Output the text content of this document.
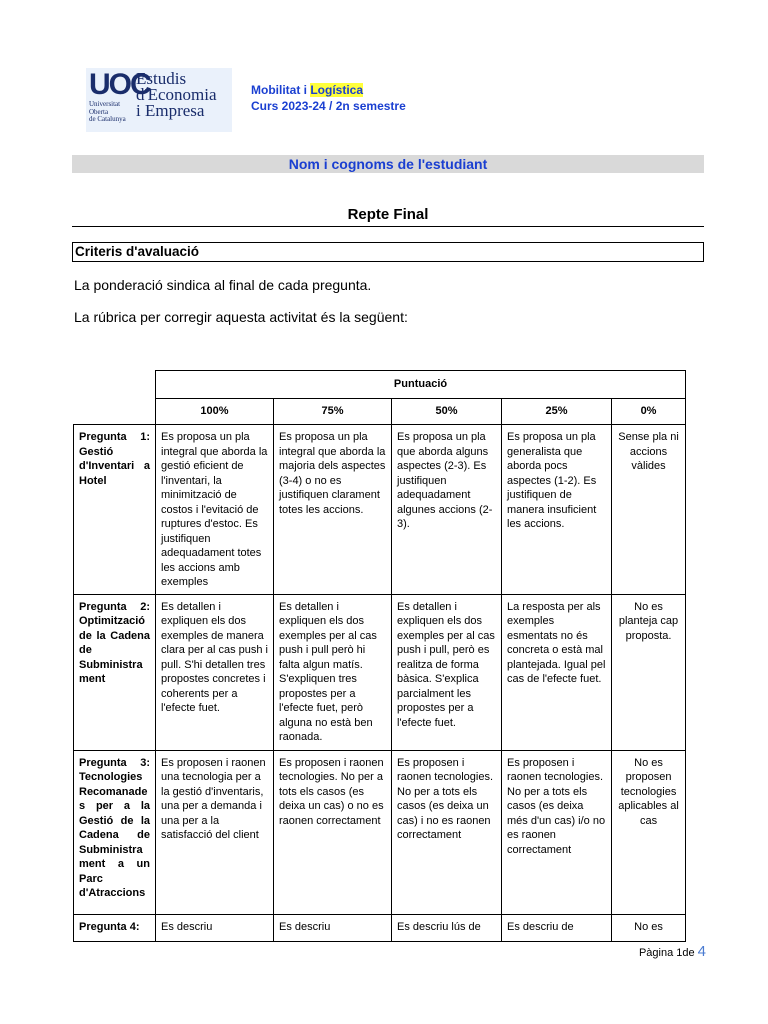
UOC
Universitat
Oberta
de Catalunya
Estudis
d'Economia
i Empresa
Mobilitat i Logística
Curs 2023-24 / 2n semestre
Nom i cognoms de l'estudiant
Repte Final
Criteris d'avaluació
La ponderació sindica al final de cada pregunta.
La rúbrica per corregir aquesta activitat és la següent:
	Puntuació				
	100%	75%	50%	25%	0%
Pregunta 1: Gestió d'Inventari a Hotel	Es proposa un pla integral que aborda la gestió eficient de l'inventari, la minimització de costos i l'evitació de ruptures d'estoc. Es justifiquen adequadament totes les accions amb exemples	Es proposa un pla integral que aborda la majoria dels aspectes (3-4) o no es justifiquen clarament totes les accions.	Es proposa un pla que aborda alguns aspectes (2-3). Es justifiquen adequadament algunes accions (2-3).	Es proposa un pla generalista que aborda pocs aspectes (1-2). Es justifiquen de manera insuficient les accions.	Sense pla ni accions vàlides
Pregunta 2: Optimització de la Cadena de Subministrament	Es detallen i expliquen els dos exemples de manera clara per al cas push i pull. S'hi detallen tres propostes concretes i coherents per a l'efecte fuet.	Es detallen i expliquen els dos exemples per al cas push i pull però hi falta algun matís. S'expliquen tres propostes per a l'efecte fuet, però alguna no està ben raonada.	Es detallen i expliquen els dos exemples per al cas push i pull, però es realitza de forma bàsica. S'explica parcialment les propostes per a l'efecte fuet.	La resposta per als exemples esmentats no és concreta o està mal plantejada. Igual pel cas de l'efecte fuet.	No es planteja cap proposta.
Pregunta 3: Tecnologies Recomanades per a la Gestió de la Cadena de Subministrament a un Parc d'Atraccions	Es proposen i raonen una tecnologia per a la gestió d'inventaris, una per a demanda i una per a la satisfacció del client	Es proposen i raonen tecnologies. No per a tots els casos (es deixa un cas) o no es raonen correctament	Es proposen i raonen tecnologies. No per a tots els casos (es deixa un cas) i no es raonen correctament	Es proposen i raonen tecnologies. No per a tots els casos (es deixa més d'un cas) i/o no es raonen correctament	No es proposen tecnologies aplicables al cas
Pregunta 4:	Es descriu	Es descriu	Es descriu lús de	Es descriu de	No es
Pàgina 1de 4
